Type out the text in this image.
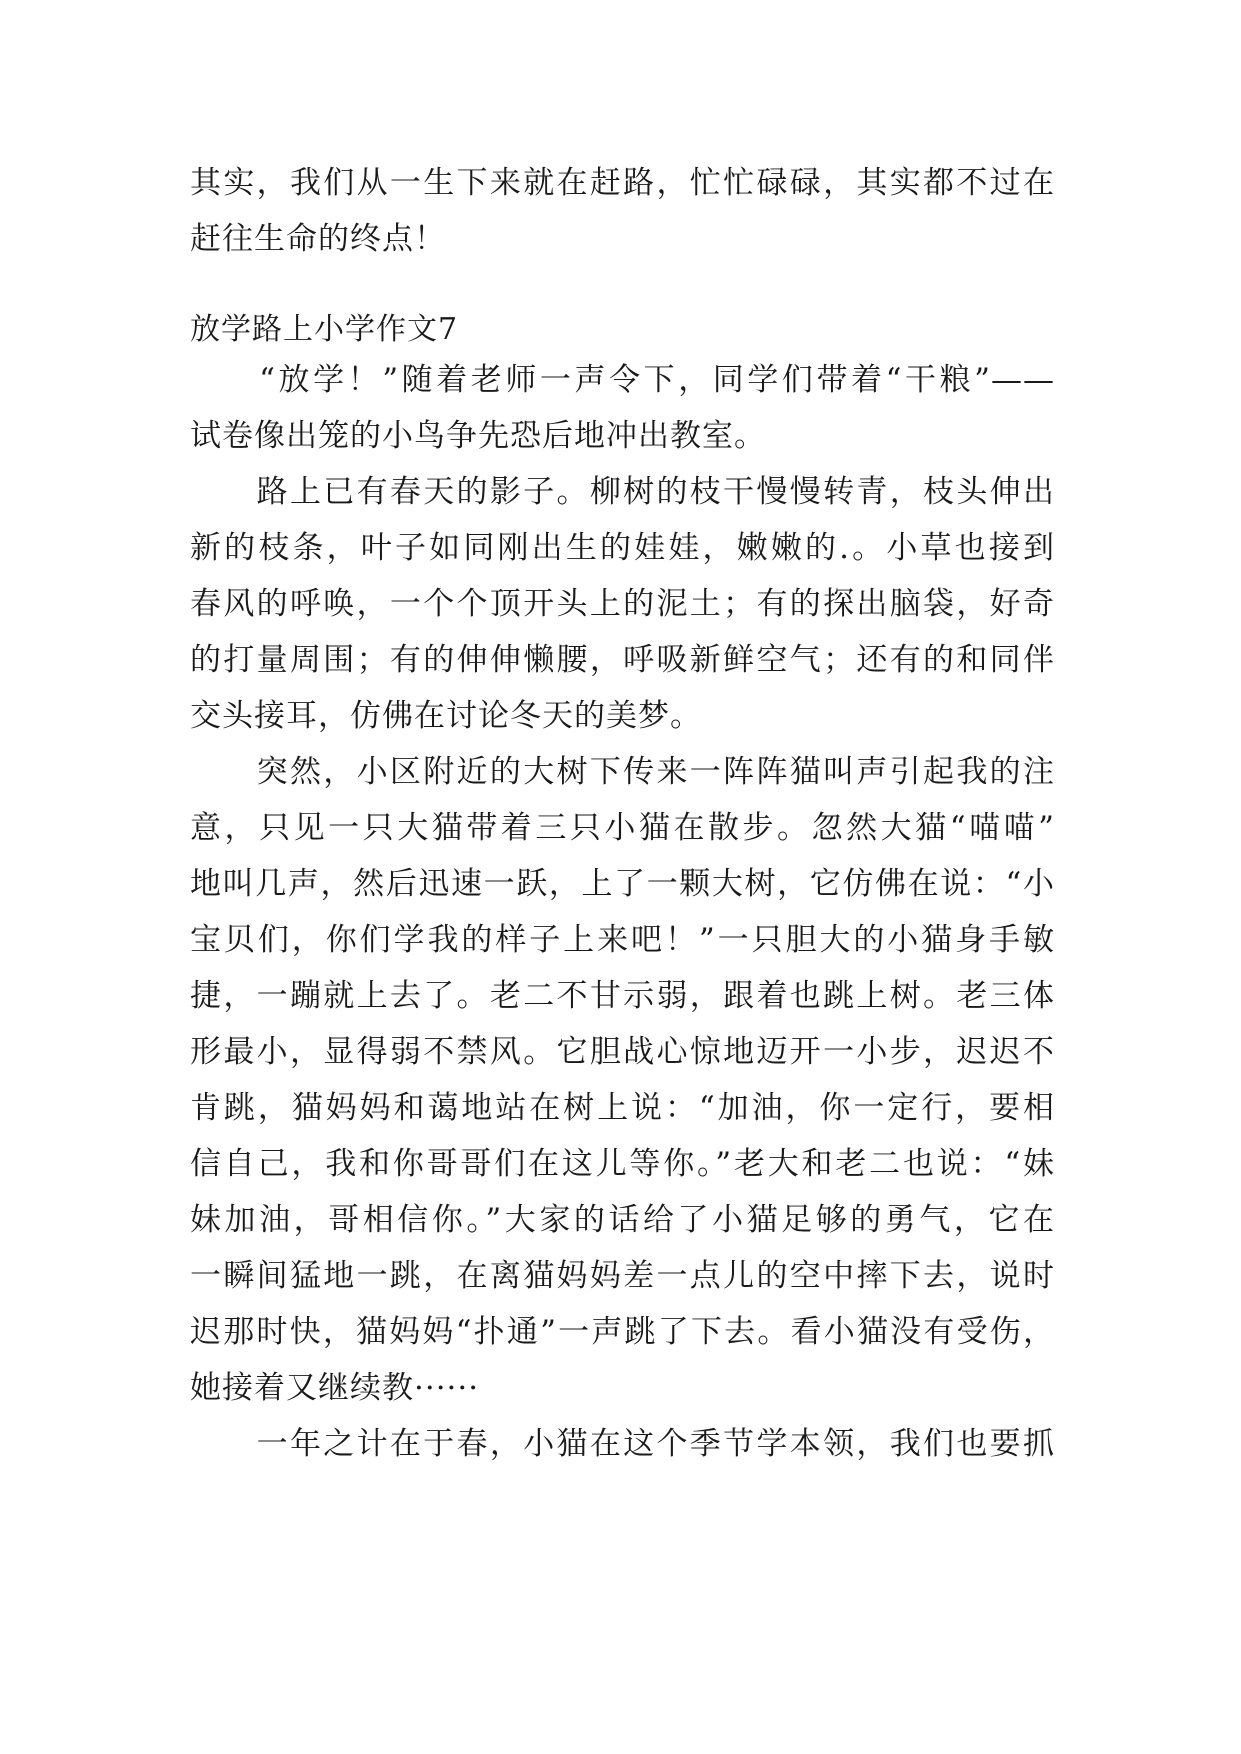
其实，我们从一生下来就在赶路，忙忙碌碌，其实都不过在
赶往生命的终点！
放学路上小学作文7
　　“放学！”随着老师一声令下，同学们带着“干粮”——
试卷像出笼的小鸟争先恐后地冲出教室。
　　路上已有春天的影子。柳树的枝干慢慢转青，枝头伸出
新的枝条，叶子如同刚出生的娃娃，嫩嫩的.。小草也接到
春风的呼唤，一个个顶开头上的泥土；有的探出脑袋，好奇
的打量周围；有的伸伸懒腰，呼吸新鲜空气；还有的和同伴
交头接耳，仿佛在讨论冬天的美梦。
　　突然，小区附近的大树下传来一阵阵猫叫声引起我的注
意，只见一只大猫带着三只小猫在散步。忽然大猫“喵喵”
地叫几声，然后迅速一跃，上了一颗大树，它仿佛在说：“小
宝贝们，你们学我的样子上来吧！”一只胆大的小猫身手敏
捷，一蹦就上去了。老二不甘示弱，跟着也跳上树。老三体
形最小，显得弱不禁风。它胆战心惊地迈开一小步，迟迟不
肯跳，猫妈妈和蔼地站在树上说：“加油，你一定行，要相
信自己，我和你哥哥们在这儿等你。”老大和老二也说：“妹
妹加油，哥相信你。”大家的话给了小猫足够的勇气，它在
一瞬间猛地一跳，在离猫妈妈差一点儿的空中摔下去，说时
迟那时快，猫妈妈“扑通”一声跳了下去。看小猫没有受伤，
她接着又继续教······
　　一年之计在于春，小猫在这个季节学本领，我们也要抓
